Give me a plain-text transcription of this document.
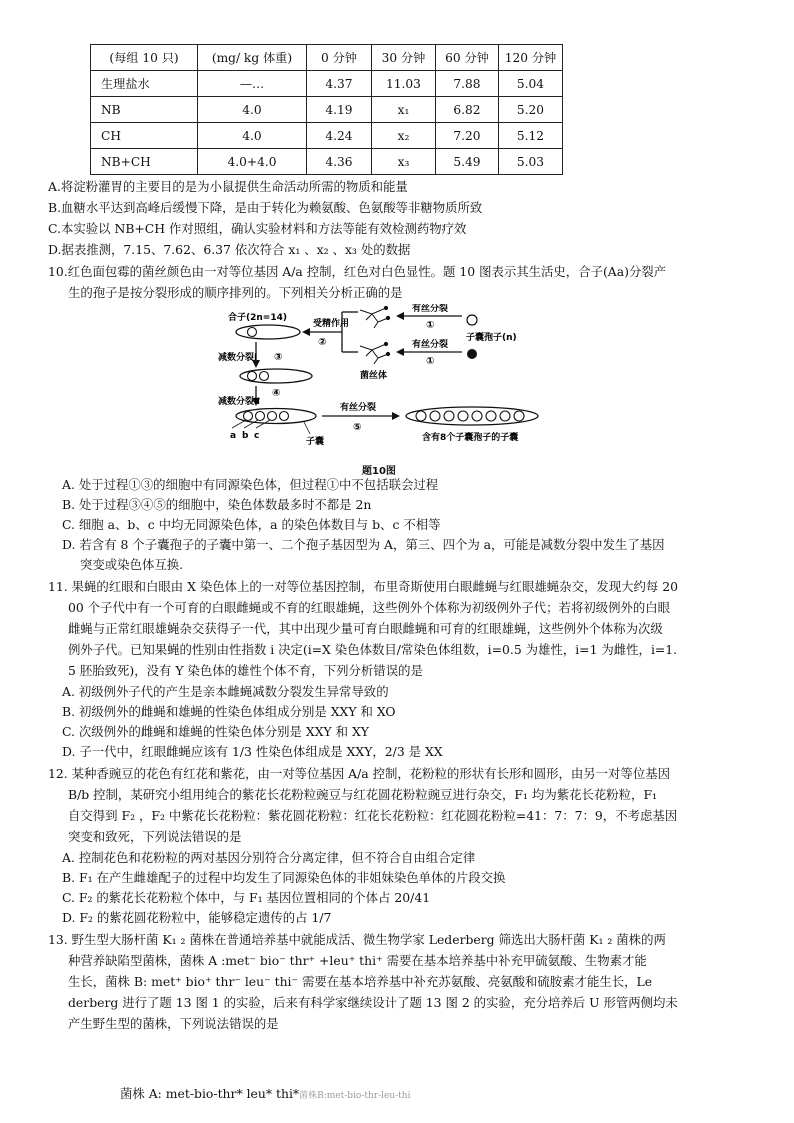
(每组 10 只)	(mg/ kg 体重)	0 分钟	30 分钟	60 分钟	120 分钟
生理盐水	—…	4.37	11.03	7.88	5.04
NB	4.0	4.19	x₁	6.82	5.20
CH	4.0	4.24	x₂	7.20	5.12
NB+CH	4.0+4.0	4.36	x₃	5.49	5.03
A.将淀粉灌胃的主要目的是为小鼠提供生命活动所需的物质和能量
B.血糖水平达到高峰后缓慢下降，是由于转化为赖氨酸、色氨酸等非糖物质所致
C.本实验以 NB+CH 作对照组，确认实验材料和方法等能有效检测药物疗效
D.据表推测，7.15、7.62、6.37 依次符合 x₁ 、x₂ 、x₃ 处的数据
10.红色面包霉的菌丝颜色由一对等位基因 A/a 控制，红色对白色显性。题 10 图表示其生活史，合子(Aa)分裂产
生的孢子是按分裂形成的顺序排列的。下列相关分析正确的是
合子(2n=14)
受精作用
②
菌丝体
有丝分裂
①
有丝分裂
①
子囊孢子(n)
减数分裂Ⅰ ③
④
减数分裂Ⅱ
a b c
子囊
有丝分裂
⑤
含有8个子囊孢子的子囊
题10图
A. 处于过程①③的细胞中有同源染色体，但过程①中不包括联会过程
B. 处于过程③④⑤的细胞中，染色体数最多时不都是 2n
C. 细胞 a、b、c 中均无同源染色体，a 的染色体数目与 b、c 不相等
D. 若含有 8 个子囊孢子的子囊中第一、二个孢子基因型为 A，第三、四个为 a，可能是减数分裂中发生了基因
突变或染色体互换.
11. 果蝇的红眼和白眼由 X 染色体上的一对等位基因控制，布里奇斯使用白眼雌蝇与红眼雄蝇杂交，发现大约每 20
00 个子代中有一个可育的白眼雌蝇或不育的红眼雄蝇，这些例外个体称为初级例外子代；若将初级例外的白眼
雌蝇与正常红眼雄蝇杂交获得子一代，其中出现少量可育白眼雌蝇和可育的红眼雄蝇，这些例外个体称为次级
例外子代。已知果蝇的性别由性指数 i 决定(i=X 染色体数目/常染色体组数，i=0.5 为雄性，i=1 为雌性，i=1.
5 胚胎致死)，没有 Y 染色体的雄性个体不育，下列分析错误的是
A. 初级例外子代的产生是亲本雌蝇减数分裂发生异常导致的
B. 初级例外的雌蝇和雄蝇的性染色体组成分别是 XXY 和 XO
C. 次级例外的雌蝇和雄蝇的性染色体分别是 XXY 和 XY
D. 子一代中，红眼雌蝇应该有 1/3 性染色体组成是 XXY，2/3 是 XX
12. 某种香豌豆的花色有红花和紫花，由一对等位基因 A/a 控制，花粉粒的形状有长形和圆形，由另一对等位基因
B/b 控制，某研究小组用纯合的紫花长花粉粒豌豆与红花圆花粉粒豌豆进行杂交，F₁ 均为紫花长花粉粒，F₁
自交得到 F₂ ，F₂ 中紫花长花粉粒：紫花圆花粉粒：红花长花粉粒：红花圆花粉粒=41：7：7：9，不考虑基因
突变和致死，下列说法错误的是
A. 控制花色和花粉粒的两对基因分别符合分离定律，但不符合自由组合定律
B. F₁ 在产生雌雄配子的过程中均发生了同源染色体的非姐妹染色单体的片段交换
C. F₂ 的紫花长花粉粒个体中，与 F₁ 基因位置相同的个体占 20/41
D. F₂ 的紫花圆花粉粒中，能够稳定遗传的占 1/7
13. 野生型大肠杆菌 K₁ ₂ 菌株在普通培养基中就能成活、微生物学家 Lederberg 筛选出大肠杆菌 K₁ ₂ 菌株的两
种营养缺陷型菌株，菌株 A :met⁻ bio⁻ thr⁺ +leu⁺ thi⁺ 需要在基本培养基中补充甲硫氨酸、生物素才能
生长，菌株 B: met⁺ bio⁺ thr⁻ leu⁻ thi⁻ 需要在基本培养基中补充苏氨酸、亮氨酸和硫胺素才能生长，Le
derberg 进行了题 13 图 1 的实验，后来有科学家继续设计了题 13 图 2 的实验，充分培养后 U 形管两侧均未
产生野生型的菌株，下列说法错误的是
菌株 A: met-bio-thr* leu* thi*菌株B:met-bio-thr-leu-thi
